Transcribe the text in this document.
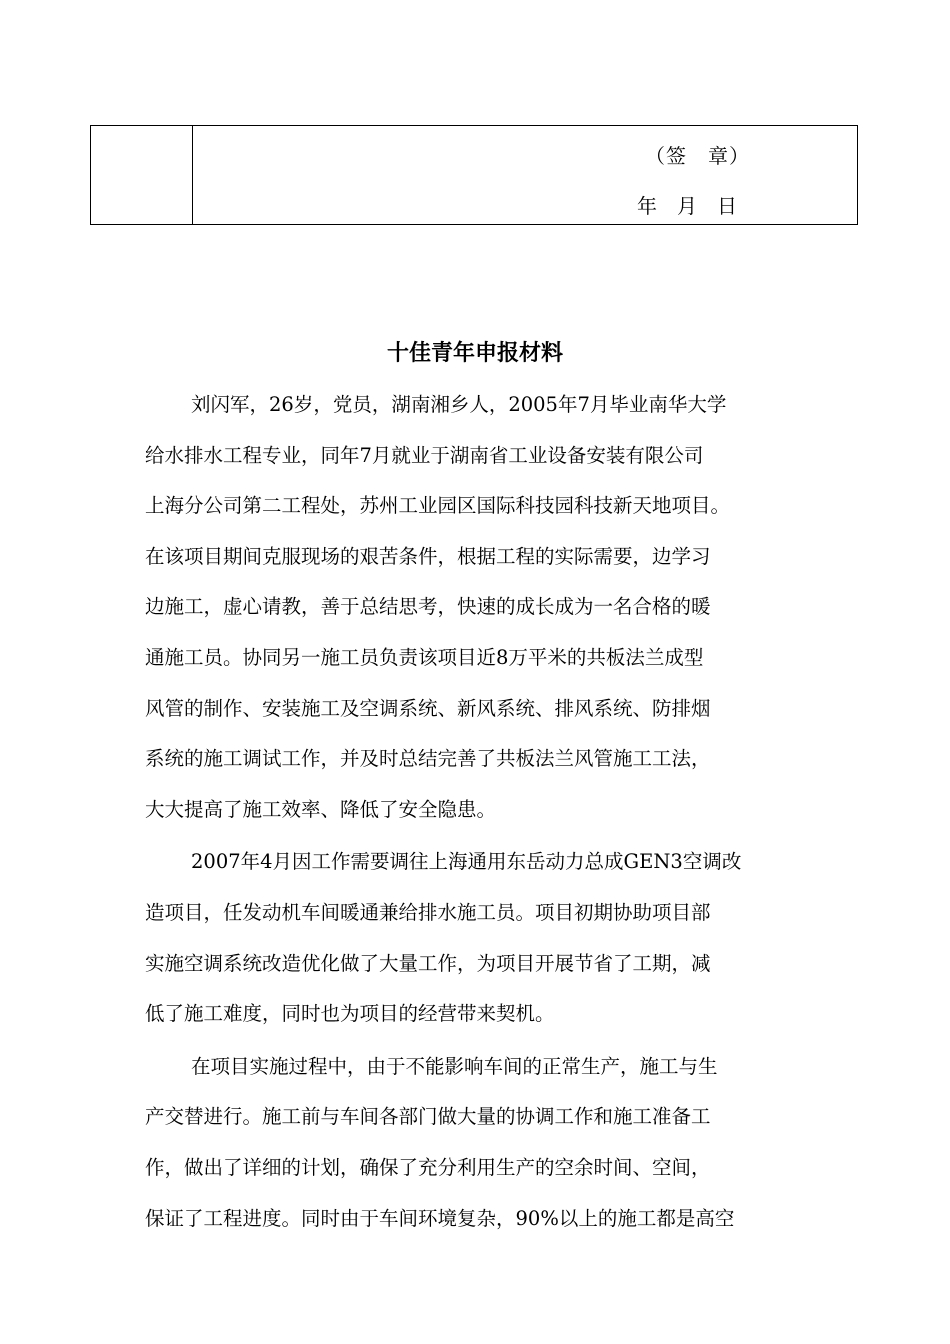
（签　章）
年　月　日
十佳青年申报材料
刘闪军，26岁，党员，湖南湘乡人，2005年7月毕业南华大学
给水排水工程专业，同年7月就业于湖南省工业设备安装有限公司
上海分公司第二工程处，苏州工业园区国际科技园科技新天地项目。
在该项目期间克服现场的艰苦条件，根据工程的实际需要，边学习
边施工，虚心请教，善于总结思考，快速的成长成为一名合格的暖
通施工员。协同另一施工员负责该项目近8万平米的共板法兰成型
风管的制作、安装施工及空调系统、新风系统、排风系统、防排烟
系统的施工调试工作，并及时总结完善了共板法兰风管施工工法，
大大提高了施工效率、降低了安全隐患。
2007年4月因工作需要调往上海通用东岳动力总成GEN3空调改
造项目，任发动机车间暖通兼给排水施工员。项目初期协助项目部
实施空调系统改造优化做了大量工作，为项目开展节省了工期，减
低了施工难度，同时也为项目的经营带来契机。
在项目实施过程中，由于不能影响车间的正常生产，施工与生
产交替进行。施工前与车间各部门做大量的协调工作和施工准备工
作，做出了详细的计划，确保了充分利用生产的空余时间、空间，
保证了工程进度。同时由于车间环境复杂，90%以上的施工都是高空
